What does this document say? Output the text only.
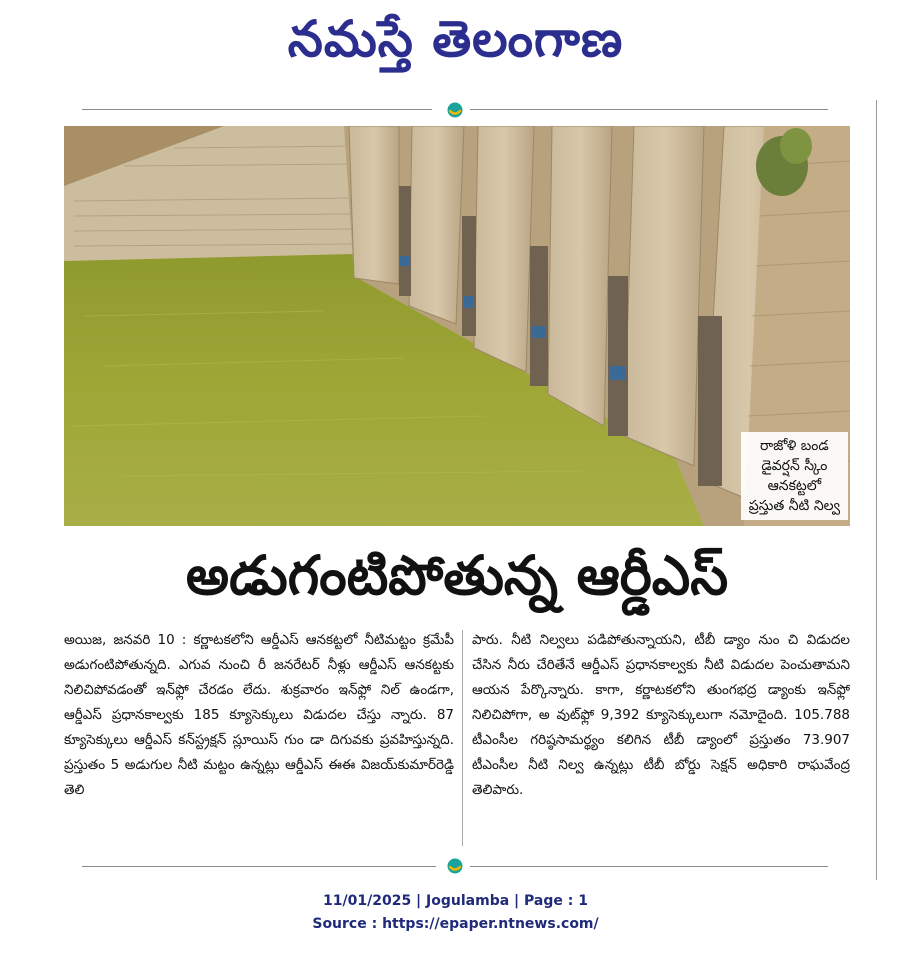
నమస్తే తెలంగాణ
రాజోళి బండ
డైవర్షన్ స్కీం
ఆనకట్టలో
ప్రస్తుత నీటి నిల్వ
అడుగంటిపోతున్న ఆర్డీఎస్
అయిజ, జనవరి 10 : కర్ణాటకలోని ఆర్డీఎస్ ఆనకట్టలో నీటిమట్టం క్రమేపీ అడుగంటిపోతున్నది. ఎగువ నుంచి రీ జనరేటర్ నీళ్లు ఆర్డీఎస్ ఆనకట్టకు నిలిచిపోవడంతో ఇన్‌ఫ్లో చేరడం లేదు. శుక్రవారం ఇన్‌ఫ్లో నిల్ ఉండగా, ఆర్డీఎస్ ప్రధానకాల్వకు 185 క్యూసెక్కులు విడుదల చేస్తు న్నారు. 87 క్యూసెక్కులు ఆర్డీఎస్ కన్‌స్ట్రక్షన్ స్లూయిస్ గుం డా దిగువకు ప్రవహిస్తున్నది. ప్రస్తుతం 5 అడుగుల నీటి మట్టం ఉన్నట్లు ఆర్డీఎస్ ఈఈ విజయ్‌కుమార్‌రెడ్డి తెలి
పారు. నీటి నిల్వలు పడిపోతున్నాయని, టీబీ డ్యాం నుం చి విడుదల చేసిన నీరు చేరితేనే ఆర్డీఎస్ ప్రధానకాల్వకు నీటి విడుదల పెంచుతామని ఆయన పేర్కొన్నారు. కాగా, కర్ణాటకలోని తుంగభద్ర డ్యాంకు ఇన్‌ఫ్లో నిలిచిపోగా, అ వుట్‌ఫ్లో 9,392 క్యూసెక్కులుగా నమోదైంది. 105.788 టీఎంసీల గరిష్ఠసామర్థ్యం కలిగిన టీబీ డ్యాంలో ప్రస్తుతం 73.907 టీఎంసీల నీటి నిల్వ ఉన్నట్లు టీబీ బోర్డు సెక్షన్ అధికారి రాఘవేంద్ర తెలిపారు.
11/01/2025 | Jogulamba | Page : 1
Source : https://epaper.ntnews.com/
